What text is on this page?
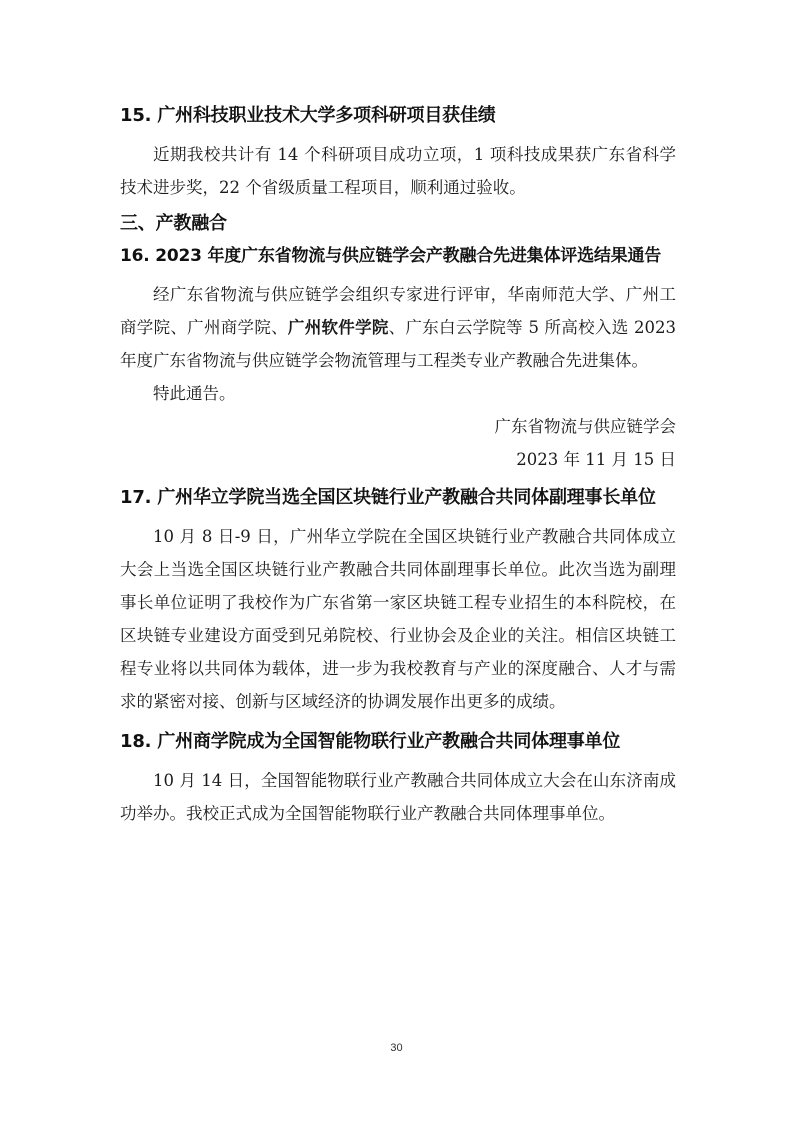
15. 广州科技职业技术大学多项科研项目获佳绩

近期我校共计有 14 个科研项目成功立项，1 项科技成果获广东省科学技术进步奖，22 个省级质量工程项目，顺利通过验收。

三、产教融合
16. 2023 年度广东省物流与供应链学会产教融合先进集体评选结果通告

经广东省物流与供应链学会组织专家进行评审，华南师范大学、广州工商学院、广州商学院、广州软件学院、广东白云学院等 5 所高校入选 2023 年度广东省物流与供应链学会物流管理与工程类专业产教融合先进集体。

特此通告。
广东省物流与供应链学会
2023 年 11 月 15 日
17. 广州华立学院当选全国区块链行业产教融合共同体副理事长单位

10 月 8 日-9 日，广州华立学院在全国区块链行业产教融合共同体成立大会上当选全国区块链行业产教融合共同体副理事长单位。此次当选为副理事长单位证明了我校作为广东省第一家区块链工程专业招生的本科院校，在区块链专业建设方面受到兄弟院校、行业协会及企业的关注。相信区块链工程专业将以共同体为载体，进一步为我校教育与产业的深度融合、人才与需求的紧密对接、创新与区域经济的协调发展作出更多的成绩。

18. 广州商学院成为全国智能物联行业产教融合共同体理事单位

10 月 14 日，全国智能物联行业产教融合共同体成立大会在山东济南成功举办。我校正式成为全国智能物联行业产教融合共同体理事单位。

30
